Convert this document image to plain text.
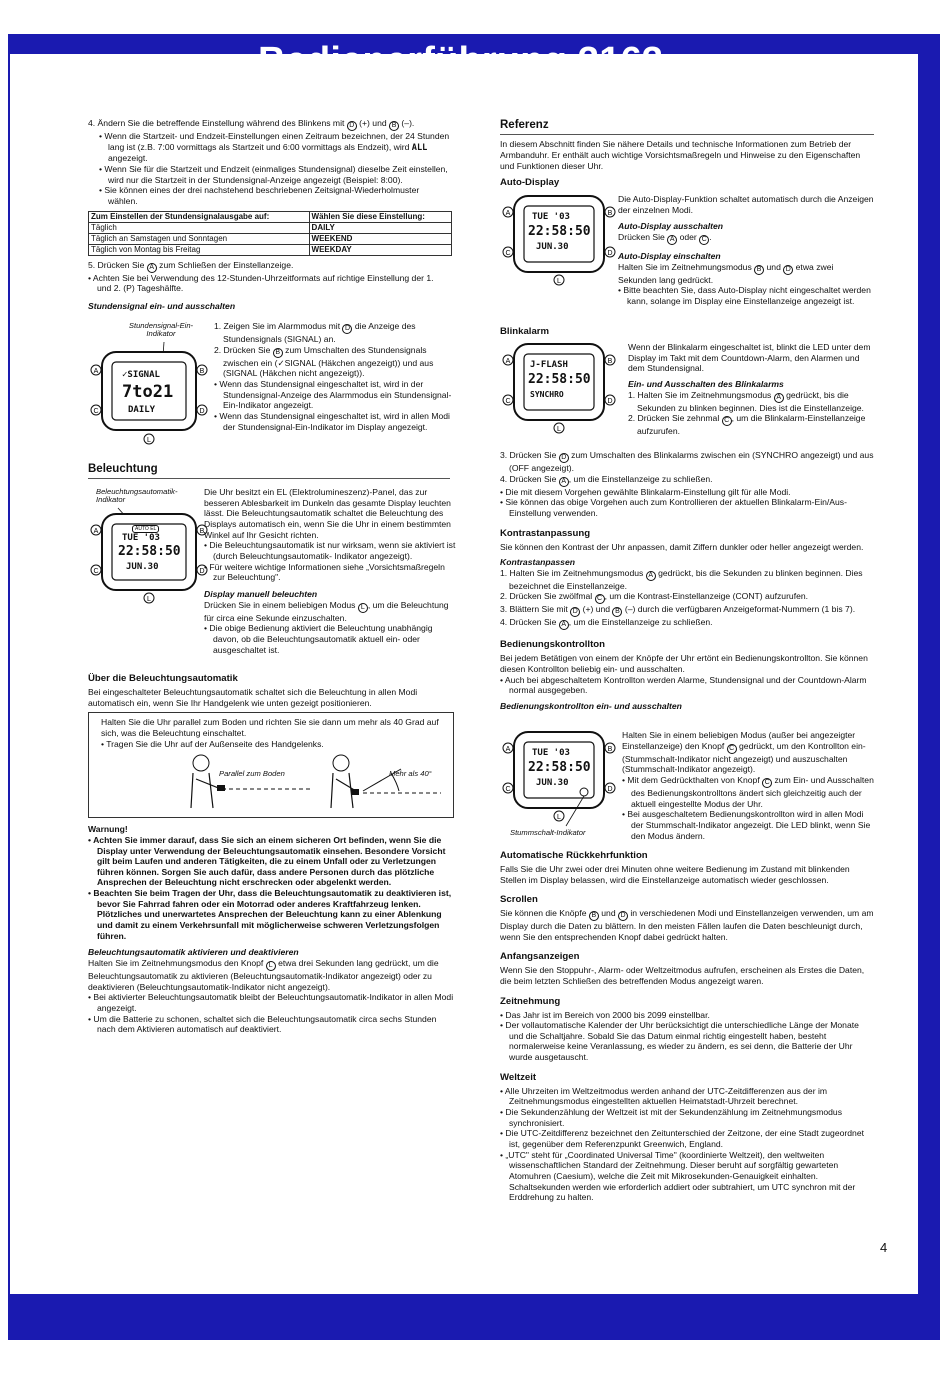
4. Ändern Sie die betreffende Einstellung während des Blinkens mit D (+) und B (–).

• Wenn die Startzeit- und Endzeit-Einstellungen einen Zeitraum bezeichnen, der 24 Stunden lang ist (z.B. 7:00 vormittags als Startzeit und 6:00 vormittags als Endzeit), wird ALL angezeigt.

• Wenn Sie für die Startzeit und Endzeit (einmaliges Stundensignal) dieselbe Zeit einstellen, wird nur die Startzeit in der Stundensignal-Anzeige angezeigt (Beispiel: 8:00).

• Sie können eines der drei nachstehend beschriebenen Zeitsignal-Wiederholmuster wählen.

Zum Einstellen der Stundensignalausgabe auf:	Wählen Sie diese Einstellung:
Täglich	DAILY
Täglich an Samstagen und Sonntagen	WEEKEND
Täglich von Montag bis Freitag	WEEKDAY

5. Drücken Sie A zum Schließen der Einstellanzeige.

• Achten Sie bei Verwendung des 12-Stunden-Uhrzeitformats auf richtige Einstellung der 1. und 2. (P) Tageshälfte.

Stundensignal ein- und ausschalten

Stundensignal-Ein-Indikator
A	B
C	D
L
✓SIGNAL
7to21
DAILY

1. Zeigen Sie im Alarmmodus mit D die Anzeige des Stundensignals (SIGNAL) an.

2. Drücken Sie B zum Umschalten des Stundensignals zwischen ein (✓SIGNAL (Häkchen angezeigt)) und aus (SIGNAL (Häkchen nicht angezeigt)).

• Wenn das Stundensignal eingeschaltet ist, wird in der Stundensignal-Anzeige des Alarmmodus ein Stundensignal-Ein-Indikator angezeigt.

• Wenn das Stundensignal eingeschaltet ist, wird in allen Modi der Stundensignal-Ein-Indikator im Display angezeigt.

Beleuchtung

Beleuchtungsautomatik-Indikator
A	B
C	D
L
AUTO EL
TUE '03
22:58:50
JUN.30

Die Uhr besitzt ein EL (Elektrolumineszenz)-Panel, das zur besseren Ablesbarkeit im Dunkeln das gesamte Display leuchten lässt. Die Beleuchtungsautomatik schaltet die Beleuchtung des Displays automatisch ein, wenn Sie die Uhr in einem bestimmten Winkel auf Ihr Gesicht richten.

• Die Beleuchtungsautomatik ist nur wirksam, wenn sie aktiviert ist (durch Beleuchtungsautomatik- Indikator angezeigt).

• Für weitere wichtige Informationen siehe „Vorsichtsmaßregeln zur Beleuchtung".

Display manuell beleuchten

Drücken Sie in einem beliebigen Modus L , um die Beleuchtung für circa eine Sekunde einzuschalten.

• Die obige Bedienung aktiviert die Beleuchtung unabhängig davon, ob die Beleuchtungsautomatik aktuell ein- oder ausgeschaltet ist.

Über die Beleuchtungsautomatik

Bei eingeschalteter Beleuchtungsautomatik schaltet sich die Beleuchtung in allen Modi automatisch ein, wenn Sie Ihr Handgelenk wie unten gezeigt positionieren.

Halten Sie die Uhr parallel zum Boden und richten Sie sie dann um mehr als 40 Grad auf sich, was die Beleuchtung einschaltet.

• Tragen Sie die Uhr auf der Außenseite des Handgelenks.

Parallel zum Boden	Mehr als 40°

Warnung!

• Achten Sie immer darauf, dass Sie sich an einem sicheren Ort befinden, wenn Sie die Display unter Verwendung der Beleuchtungsautomatik einsehen. Besondere Vorsicht gilt beim Laufen und anderen Tätigkeiten, die zu einem Unfall oder zu Verletzungen führen können. Sorgen Sie auch dafür, dass andere Personen durch das plötzliche Ansprechen der Beleuchtung nicht erschrecken oder abgelenkt werden.

• Beachten Sie beim Tragen der Uhr, dass die Beleuchtungsautomatik zu deaktivieren ist, bevor Sie Fahrrad fahren oder ein Motorrad oder anderes Kraftfahrzeug lenken. Plötzliches und unerwartetes Ansprechen der Beleuchtung kann zu einer Ablenkung und damit zu einem Verkehrsunfall mit möglicherweise schweren Verletzungsfolgen führen.

Beleuchtungsautomatik aktivieren und deaktivieren

Halten Sie im Zeitnehmungsmodus den Knopf L etwa drei Sekunden lang gedrückt, um die Beleuchtungsautomatik zu aktivieren (Beleuchtungsautomatik-Indikator angezeigt) oder zu deaktivieren (Beleuchtungsautomatik-Indikator nicht angezeigt).

• Bei aktivierter Beleuchtungsautomatik bleibt der Beleuchtungsautomatik-Indikator in allen Modi angezeigt.

• Um die Batterie zu schonen, schaltet sich die Beleuchtungsautomatik circa sechs Stunden nach dem Aktivieren automatisch auf deaktiviert.

Referenz

In diesem Abschnitt finden Sie nähere Details und technische Informationen zum Betrieb der Armbanduhr. Er enthält auch wichtige Vorsichtsmaßregeln und Hinweise zu den Eigenschaften und Funktionen dieser Uhr.

Auto-Display

A	B
C	D
L
TUE '03
22:58:50
JUN.30

Die Auto-Display-Funktion schaltet automatisch durch die Anzeigen der einzelnen Modi.

Auto-Display ausschalten

Drücken Sie A oder C .

Auto-Display einschalten

Halten Sie im Zeitnehmungsmodus B und D etwa zwei Sekunden lang gedrückt.

• Bitte beachten Sie, dass Auto-Display nicht eingeschaltet werden kann, solange im Display eine Einstellanzeige angezeigt ist.

Blinkalarm

A	B
C	D
L
J-FLASH
22:58:50
SYNCHRO

Wenn der Blinkalarm eingeschaltet ist, blinkt die LED unter dem Display im Takt mit dem Countdown-Alarm, den Alarmen und dem Stundensignal.

Ein- und Ausschalten des Blinkalarms

1. Halten Sie im Zeitnehmungsmodus A gedrückt, bis die Sekunden zu blinken beginnen. Dies ist die Einstellanzeige.

2. Drücken Sie zehnmal C , um die Blinkalarm-Einstellanzeige aufzurufen.

3. Drücken Sie D zum Umschalten des Blinkalarms zwischen ein (SYNCHRO angezeigt) und aus (OFF angezeigt).

4. Drücken Sie A , um die Einstellanzeige zu schließen.

• Die mit diesem Vorgehen gewählte Blinkalarm-Einstellung gilt für alle Modi.

• Sie können das obige Vorgehen auch zum Kontrollieren der aktuellen Blinkalarm-Ein/Aus-Einstellung verwenden.

Kontrastanpassung

Sie können den Kontrast der Uhr anpassen, damit Ziffern dunkler oder heller angezeigt werden.

Kontrastanpassen

1. Halten Sie im Zeitnehmungsmodus A gedrückt, bis die Sekunden zu blinken beginnen. Dies bezeichnet die Einstellanzeige.

2. Drücken Sie zwölfmal C , um die Kontrast-Einstellanzeige (CONT) aufzurufen.

3. Blättern Sie mit D (+) und B (–) durch die verfügbaren Anzeigeformat-Nummern (1 bis 7).

4. Drücken Sie A , um die Einstellanzeige zu schließen.

Bedienungskontrollton

Bei jedem Betätigen von einem der Knöpfe der Uhr ertönt ein Bedienungskontrollton. Sie können diesen Kontrollton beliebig ein- und ausschalten.

• Auch bei abgeschaltetem Kontrollton werden Alarme, Stundensignal und der Countdown-Alarm normal ausgegeben.

Bedienungskontrollton ein- und ausschalten

A	B
C	D
L
TUE '03
22:58:50
JUN.30
Stummschalt-Indikator

Halten Sie in einem beliebigen Modus (außer bei angezeigter Einstellanzeige) den Knopf C gedrückt, um den Kontrollton ein- (Stummschalt-Indikator nicht angezeigt) und auszuschalten (Stummschalt-Indikator angezeigt).

• Mit dem Gedrückthalten von Knopf C zum Ein- und Ausschalten des Bedienungskontrolltons ändert sich gleichzeitig auch der aktuell eingestellte Modus der Uhr.

• Bei ausgeschaltetem Bedienungskontrollton wird in allen Modi der Stummschalt-Indikator angezeigt. Die LED blinkt, wenn Sie den Modus ändern.

Automatische Rückkehrfunktion

Falls Sie die Uhr zwei oder drei Minuten ohne weitere Bedienung im Zustand mit blinkenden Stellen im Display belassen, wird die Einstellanzeige automatisch wieder geschlossen.

Scrollen

Sie können die Knöpfe B und D in verschiedenen Modi und Einstellanzeigen verwenden, um am Display durch die Daten zu blättern. In den meisten Fällen laufen die Daten beschleunigt durch, wenn Sie den entsprechenden Knopf dabei gedrückt halten.

Anfangsanzeigen

Wenn Sie den Stoppuhr-, Alarm- oder Weltzeitmodus aufrufen, erscheinen als Erstes die Daten, die beim letzten Schließen des betreffenden Modus angezeigt waren.

Zeitnehmung

• Das Jahr ist im Bereich von 2000 bis 2099 einstellbar.

• Der vollautomatische Kalender der Uhr berücksichtigt die unterschiedliche Länge der Monate und die Schaltjahre. Sobald Sie das Datum einmal richtig eingestellt haben, besteht normalerweise keine Veranlassung, es wieder zu ändern, es sei denn, die Batterie der Uhr wurde ausgetauscht.

Weltzeit

• Alle Uhrzeiten im Weltzeitmodus werden anhand der UTC-Zeitdifferenzen aus der im Zeitnehmungsmodus eingestellten aktuellen Heimatstadt-Uhrzeit berechnet.

• Die Sekundenzählung der Weltzeit ist mit der Sekundenzählung im Zeitnehmungsmodus synchronisiert.

• Die UTC-Zeitdifferenz bezeichnet den Zeitunterschied der Zeitzone, der eine Stadt zugeordnet ist, gegenüber dem Referenzpunkt Greenwich, England.

• „UTC" steht für „Coordinated Universal Time" (koordinierte Weltzeit), den weltweiten wissenschaftlichen Standard der Zeitnehmung. Dieser beruht auf sorgfältig gewarteten Atomuhren (Caesium), welche die Zeit mit Mikrosekunden-Genauigkeit einhalten. Schaltsekunden werden wie erforderlich addiert oder subtrahiert, um UTC synchron mit der Erddrehung zu halten.

4
